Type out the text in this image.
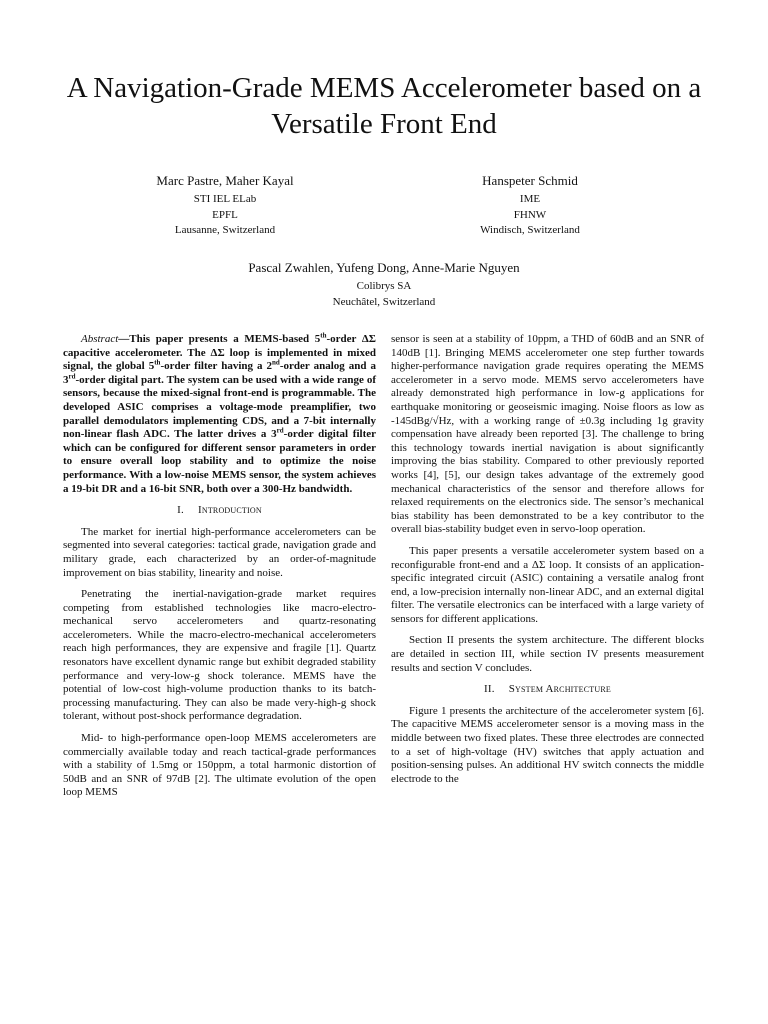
A Navigation-Grade MEMS Accelerometer based on a Versatile Front End
Marc Pastre, Maher Kayal
STI IEL ELab
EPFL
Lausanne, Switzerland
Hanspeter Schmid
IME
FHNW
Windisch, Switzerland
Pascal Zwahlen, Yufeng Dong, Anne-Marie Nguyen
Colibrys SA
Neuchâtel, Switzerland

Abstract—This paper presents a MEMS-based 5th-order ΔΣ capacitive accelerometer. The ΔΣ loop is implemented in mixed signal, the global 5th-order filter having a 2nd-order analog and a 3rd-order digital part. The system can be used with a wide range of sensors, because the mixed-signal front-end is programmable. The developed ASIC comprises a voltage-mode preamplifier, two parallel demodulators implementing CDS, and a 7-bit internally non-linear flash ADC. The latter drives a 3rd-order digital filter which can be configured for different sensor parameters in order to ensure overall loop stability and to optimize the noise performance. With a low-noise MEMS sensor, the system achieves a 19-bit DR and a 16-bit SNR, both over a 300-Hz bandwidth.

I. Introduction

The market for inertial high-performance accelerometers can be segmented into several categories: tactical grade, navigation grade and military grade, each characterized by an order-of-magnitude improvement on bias stability, linearity and noise.

Penetrating the inertial-navigation-grade market requires competing from established technologies like macro-electro-mechanical servo accelerometers and quartz-resonating accelerometers. While the macro-electro-mechanical accelerometers reach high performances, they are expensive and fragile [1]. Quartz resonators have excellent dynamic range but exhibit degraded stability performance and very-low-g shock tolerance. MEMS have the potential of low-cost high-volume production thanks to its batch-processing manufacturing. They can also be made very-high-g shock tolerant, without post-shock performance degradation.

Mid- to high-performance open-loop MEMS accelerometers are commercially available today and reach tactical-grade performances with a stability of 1.5mg or 150ppm, a total harmonic distortion of 50dB and an SNR of 97dB [2]. The ultimate evolution of the open loop MEMS

sensor is seen at a stability of 10ppm, a THD of 60dB and an SNR of 140dB [1]. Bringing MEMS accelerometer one step further towards higher-performance navigation grade requires operating the MEMS accelerometer in a servo mode. MEMS servo accelerometers have already demonstrated high performance in low-g applications for earthquake monitoring or geoseismic imaging. Noise floors as low as -145dBg/√Hz, with a working range of ±0.3g including 1g gravity compensation have already been reported [3]. The challenge to bring this technology towards inertial navigation is about significantly improving the bias stability. Compared to other previously reported works [4], [5], our design takes advantage of the extremely good mechanical characteristics of the sensor and therefore allows for relaxed requirements on the electronics side. The sensor’s mechanical bias stability has been demonstrated to be a key contributor to the overall bias-stability budget even in servo-loop operation.

This paper presents a versatile accelerometer system based on a reconfigurable front-end and a ΔΣ loop. It consists of an application-specific integrated circuit (ASIC) containing a versatile analog front end, a low-precision internally non-linear ADC, and an external digital filter. The versatile electronics can be interfaced with a large variety of sensors for different applications.

Section II presents the system architecture. The different blocks are detailed in section III, while section IV presents measurement results and section V concludes.

II. System Architecture

Figure 1 presents the architecture of the accelerometer system [6]. The capacitive MEMS accelerometer sensor is a moving mass in the middle between two fixed plates. These three electrodes are connected to a set of high-voltage (HV) switches that apply actuation and position-sensing pulses. An additional HV switch connects the middle electrode to the
